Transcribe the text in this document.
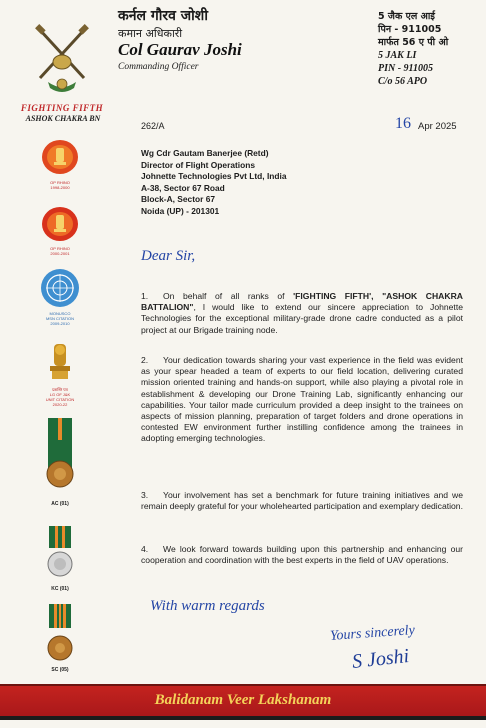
FIGHTING FIFTH
ASHOK CHAKRA BN
OP RHINO
1998-2000
OP RHINO
2000-2001
MONUSCO
MSN CITATION
2009-2010
प्रशस्ति पत्र
LG OF J&K
UNIT CITATION
2020-22
AC (01)
KC (01)
SC (05)
कर्नल गौरव जोशी
कमान अधिकारी
Col Gaurav Joshi
Commanding Officer
5 जैक एल आई
पिन - 911005
मार्फत 56 ए पी ओ
5 JAK LI
PIN - 911005
C/o 56 APO
262/A	16 Apr 2025
Wg Cdr Gautam Banerjee (Retd)
Director of Flight Operations
Johnette Technologies Pvt Ltd, India
A-38, Sector 67 Road
Block-A, Sector 67
Noida (UP) - 201301
Dear Sir,
1. On behalf of all ranks of 'FIGHTING FIFTH', "ASHOK CHAKRA BATTALION", I would like to extend our sincere appreciation to Johnette Technologies for the exceptional military-grade drone cadre conducted as a pilot project at our Brigade training node.
2. Your dedication towards sharing your vast experience in the field was evident as your spear headed a team of experts to our field location, delivering curated mission oriented training and hands-on support, while also playing a pivotal role in establishment & developing our Drone Training Lab, significantly enhancing our capabilities. Your tailor made curriculum provided a deep insight to the trainees on aspects of mission planning, preparation of target folders and drone operations in contested EW environment further instilling confidence among the trainees in adopting emerging technologies.
3. Your involvement has set a benchmark for future training initiatives and we remain deeply grateful for your wholehearted participation and exemplary dedication.
4. We look forward towards building upon this partnership and enhancing our cooperation and coordination with the best experts in the field of UAV operations.
With warm regards
Yours sincerely
S Joshi
Balidanam Veer Lakshanam
